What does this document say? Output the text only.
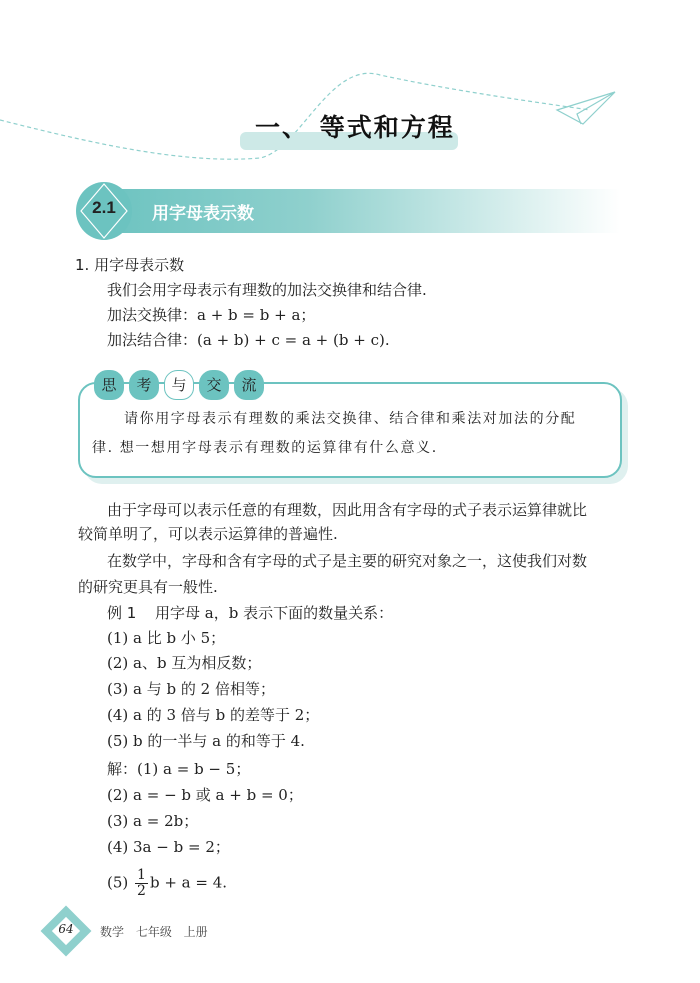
一、 等式和方程
2.1	用字母表示数
1. 用字母表示数
我们会用字母表示有理数的加法交换律和结合律.
加法交换律：a + b = b + a；
加法结合律：(a + b) + c = a + (b + c).
思	考	与	交	流
请你用字母表示有理数的乘法交换律、结合律和乘法对加法的分配
律. 想一想用字母表示有理数的运算律有什么意义.
由于字母可以表示任意的有理数，因此用含有字母的式子表示运算律就比
较简单明了，可以表示运算律的普遍性.
在数学中，字母和含有字母的式子是主要的研究对象之一，这使我们对数
的研究更具有一般性.
例 1 用字母 a，b 表示下面的数量关系：
(1) a 比 b 小 5；
(2) a、b 互为相反数；
(3) a 与 b 的 2 倍相等；
(4) a 的 3 倍与 b 的差等于 2；
(5) b 的一半与 a 的和等于 4.
解：(1) a = b − 5；
(2) a = − b 或 a + b = 0；
(3) a = 2b；
(4) 3a − b = 2；
$(5) \frac{1}{2}$ b + a = 4.
64	数学 七年级 上册
